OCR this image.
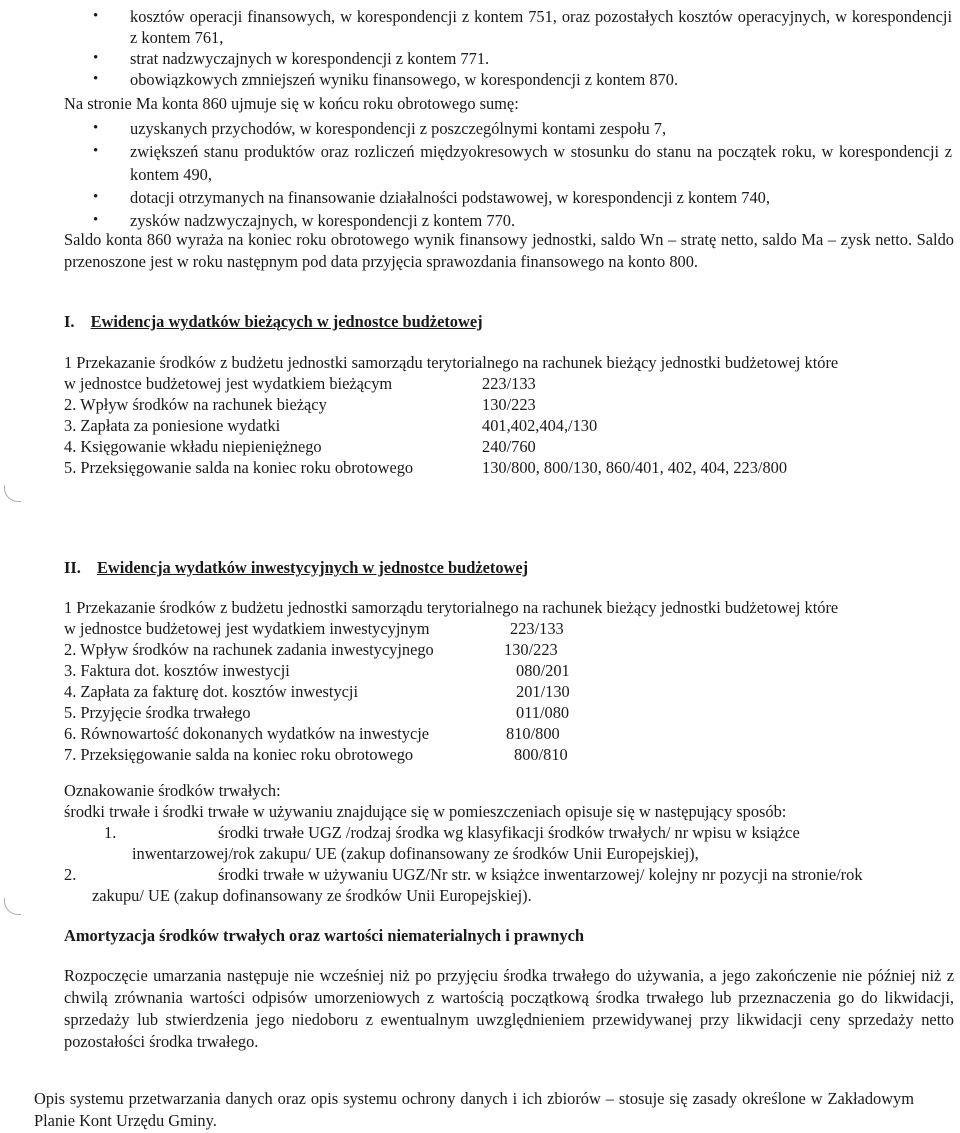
• kosztów operacji finansowych, w korespondencji z kontem 751, oraz pozostałych kosztów operacyjnych, w korespondencji z kontem 761,
• strat nadzwyczajnych w korespondencji z kontem 771.
• obowiązkowych zmniejszeń wyniku finansowego, w korespondencji z kontem 870.
Na stronie Ma konta 860 ujmuje się w końcu roku obrotowego sumę:
• uzyskanych przychodów, w korespondencji z poszczególnymi kontami zespołu 7,
• zwiększeń stanu produktów oraz rozliczeń międzyokresowych w stosunku do stanu na początek roku, w korespondencji z kontem 490,
• dotacji otrzymanych na finansowanie działalności podstawowej, w korespondencji z kontem 740,
• zysków nadzwyczajnych, w korespondencji z kontem 770.
Saldo konta 860 wyraża na koniec roku obrotowego wynik finansowy jednostki, saldo Wn – stratę netto, saldo Ma – zysk netto. Saldo przenoszone jest w roku następnym pod data przyjęcia sprawozdania finansowego na konto 800.
I. Ewidencja wydatków bieżących w jednostce budżetowej
1 Przekazanie środków z budżetu jednostki samorządu terytorialnego na rachunek bieżący jednostki budżetowej które
w jednostce budżetowej jest wydatkiem bieżącym	223/133
2. Wpływ środków na rachunek bieżący	130/223
3. Zapłata za poniesione wydatki	401,402,404,/130
4. Księgowanie wkładu niepieniężnego	240/760
5. Przeksięgowanie salda na koniec roku obrotowego	130/800, 800/130, 860/401, 402, 404, 223/800
II. Ewidencja wydatków inwestycyjnych w jednostce budżetowej
1 Przekazanie środków z budżetu jednostki samorządu terytorialnego na rachunek bieżący jednostki budżetowej które
w jednostce budżetowej jest wydatkiem inwestycyjnym	223/133
2. Wpływ środków na rachunek zadania inwestycyjnego	130/223
3. Faktura dot. kosztów inwestycji	080/201
4. Zapłata za fakturę dot. kosztów inwestycji	201/130
5. Przyjęcie środka trwałego	011/080
6. Równowartość dokonanych wydatków na inwestycje	810/800
7. Przeksięgowanie salda na koniec roku obrotowego	800/810
Oznakowanie środków trwałych:
środki trwałe i środki trwałe w używaniu znajdujące się w pomieszczeniach opisuje się w następujący sposób:
1.	środki trwałe UGZ /rodzaj środka wg klasyfikacji środków trwałych/ nr wpisu w książce
inwentarzowej/rok zakupu/ UE (zakup dofinansowany ze środków Unii Europejskiej),
2.	środki trwałe w używaniu UGZ/Nr str. w książce inwentarzowej/ kolejny nr pozycji na stronie/rok
zakupu/ UE (zakup dofinansowany ze środków Unii Europejskiej).
Amortyzacja środków trwałych oraz wartości niematerialnych i prawnych
Rozpoczęcie umarzania następuje nie wcześniej niż po przyjęciu środka trwałego do używania, a jego zakończenie nie później niż z chwilą zrównania wartości odpisów umorzeniowych z wartością początkową środka trwałego lub przeznaczenia go do likwidacji, sprzedaży lub stwierdzenia jego niedoboru z ewentualnym uwzględnieniem przewidywanej przy likwidacji ceny sprzedaży netto pozostałości środka trwałego.
Opis systemu przetwarzania danych oraz opis systemu ochrony danych i ich zbiorów – stosuje się zasady określone w Zakładowym Planie Kont Urzędu Gminy.
